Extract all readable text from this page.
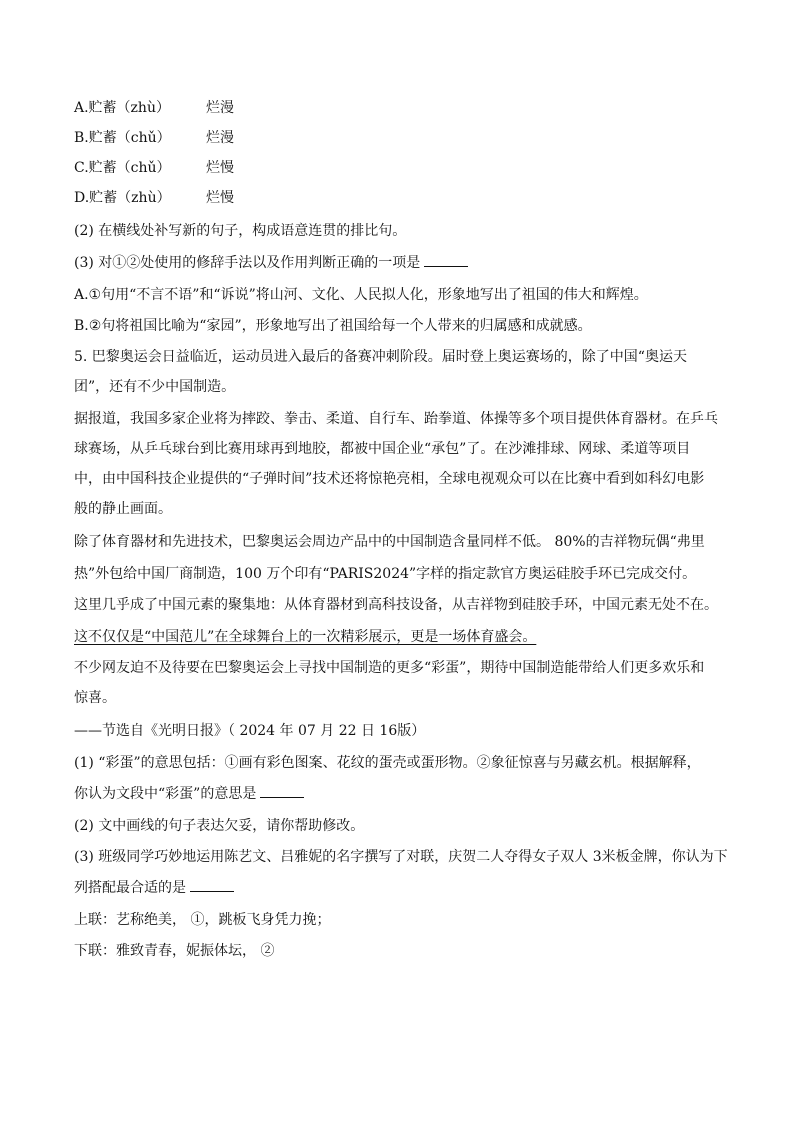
A.贮蓄（zhù）	烂漫
B.贮蓄（chǔ）	烂漫
C.贮蓄（chǔ）	烂慢
D.贮蓄（zhù）	烂慢
(2) 在横线处补写新的句子，构成语意连贯的排比句。
(3) 对①②处使用的修辞手法以及作用判断正确的一项是
A.①句用“不言不语”和“诉说”将山河、文化、人民拟人化，形象地写出了祖国的伟大和辉煌。
B.②句将祖国比喻为“家园”，形象地写出了祖国给每一个人带来的归属感和成就感。
5. 巴黎奥运会日益临近，运动员进入最后的备赛冲刺阶段。届时登上奥运赛场的，除了中国“奥运天
团”，还有不少中国制造。
据报道，我国多家企业将为摔跤、拳击、柔道、自行车、跆拳道、体操等多个项目提供体育器材。在乒乓
球赛场，从乒乓球台到比赛用球再到地胶，都被中国企业“承包”了。在沙滩排球、网球、柔道等项目
中，由中国科技企业提供的“子弹时间”技术还将惊艳亮相，全球电视观众可以在比赛中看到如科幻电影
般的静止画面。
除了体育器材和先进技术，巴黎奥运会周边产品中的中国制造含量同样不低。 80%的吉祥物玩偶“弗里
热”外包给中国厂商制造，100 万个印有“PARIS2024”字样的指定款官方奥运硅胶手环已完成交付。
这里几乎成了中国元素的聚集地：从体育器材到高科技设备，从吉祥物到硅胶手环，中国元素无处不在。
这不仅仅是“中国范儿”在全球舞台上的一次精彩展示，更是一场体育盛会。
不少网友迫不及待要在巴黎奥运会上寻找中国制造的更多“彩蛋”，期待中国制造能带给人们更多欢乐和
惊喜。
——节选自《光明日报》（ 2024 年 07 月 22 日 16版）
(1) “彩蛋”的意思包括：①画有彩色图案、花纹的蛋壳或蛋形物。②象征惊喜与另藏玄机。根据解释，
你认为文段中“彩蛋”的意思是
(2) 文中画线的句子表达欠妥，请你帮助修改。
(3) 班级同学巧妙地运用陈艺文、吕雅妮的名字撰写了对联，庆贺二人夺得女子双人 3米板金牌，你认为下
列搭配最合适的是
上联：艺称绝美， ①，跳板飞身凭力挽；
下联：雅致青春，妮振体坛， ②
